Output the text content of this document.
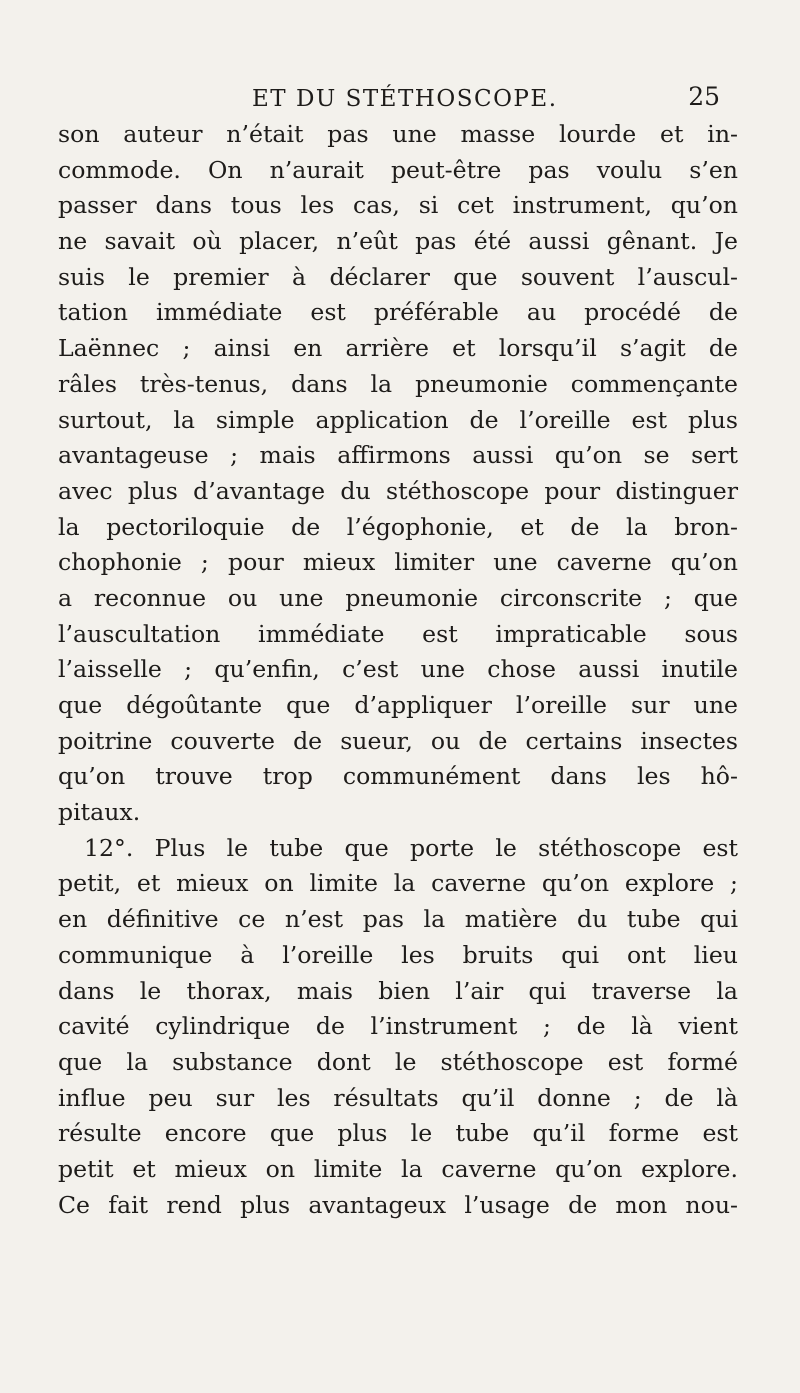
ET DU STÉTHOSCOPE.	25
son auteur n’était pas une masse lourde et in-
commode. On n’aurait peut-être pas voulu s’en
passer dans tous les cas, si cet instrument, qu’on
ne savait où placer, n’eût pas été aussi gênant. Je
suis le premier à déclarer que souvent l’auscul-
tation immédiate est préférable au procédé de
Laënnec ; ainsi en arrière et lorsqu’il s’agit de
râles très-tenus, dans la pneumonie commençante
surtout, la simple application de l’oreille est plus
avantageuse ; mais affirmons aussi qu’on se sert
avec plus d’avantage du stéthoscope pour distinguer
la pectoriloquie de l’égophonie, et de la bron-
chophonie ; pour mieux limiter une caverne qu’on
a reconnue ou une pneumonie circonscrite ; que
l’auscultation immédiate est impraticable sous
l’aisselle ; qu’enfin, c’est une chose aussi inutile
que dégoûtante que d’appliquer l’oreille sur une
poitrine couverte de sueur, ou de certains insectes
qu’on trouve trop communément dans les hô-
pitaux.
12°. Plus le tube que porte le stéthoscope est
petit, et mieux on limite la caverne qu’on explore ;
en définitive ce n’est pas la matière du tube qui
communique à l’oreille les bruits qui ont lieu
dans le thorax, mais bien l’air qui traverse la
cavité cylindrique de l’instrument ; de là vient
que la substance dont le stéthoscope est formé
influe peu sur les résultats qu’il donne ; de là
résulte encore que plus le tube qu’il forme est
petit et mieux on limite la caverne qu’on explore.
Ce fait rend plus avantageux l’usage de mon nou-
